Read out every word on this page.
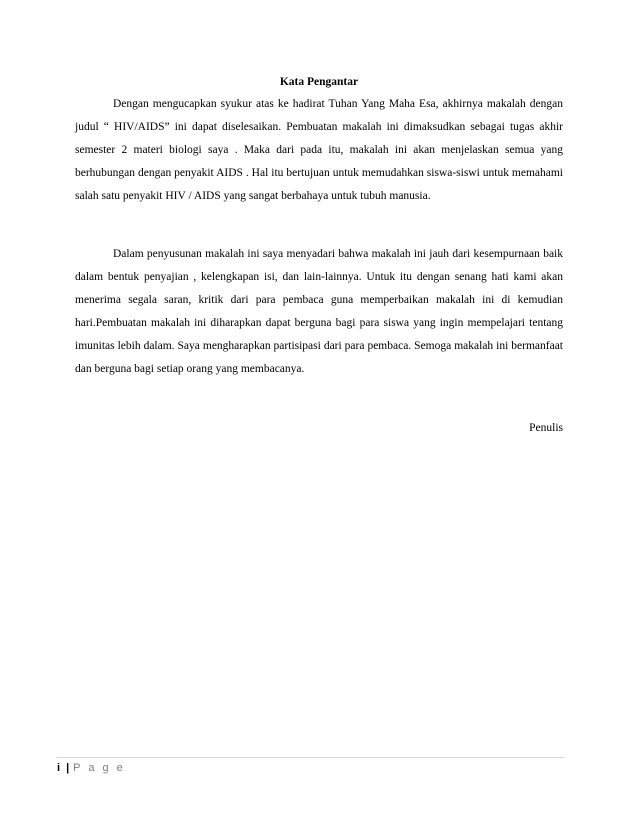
Kata Pengantar
Dengan mengucapkan syukur atas ke hadirat Tuhan Yang Maha Esa, akhirnya makalah dengan judul “ HIV/AIDS” ini dapat diselesaikan. Pembuatan makalah ini dimaksudkan sebagai tugas akhir semester 2 materi biologi saya . Maka dari pada itu, makalah ini akan menjelaskan semua yang berhubungan dengan penyakit AIDS . Hal itu bertujuan untuk memudahkan siswa-siswi untuk memahami salah satu penyakit HIV / AIDS yang sangat berbahaya untuk tubuh manusia.
Dalam penyusunan makalah ini saya menyadari bahwa makalah ini jauh dari kesempurnaan baik dalam bentuk penyajian , kelengkapan isi, dan lain-lainnya. Untuk itu dengan senang hati kami akan menerima segala saran, kritik dari para pembaca guna memperbaikan makalah ini di kemudian hari.Pembuatan makalah ini diharapkan dapat berguna bagi para siswa yang ingin mempelajari tentang imunitas lebih dalam. Saya mengharapkan partisipasi dari para pembaca. Semoga makalah ini bermanfaat dan berguna bagi setiap orang yang membacanya.
Penulis
i | P a g e
